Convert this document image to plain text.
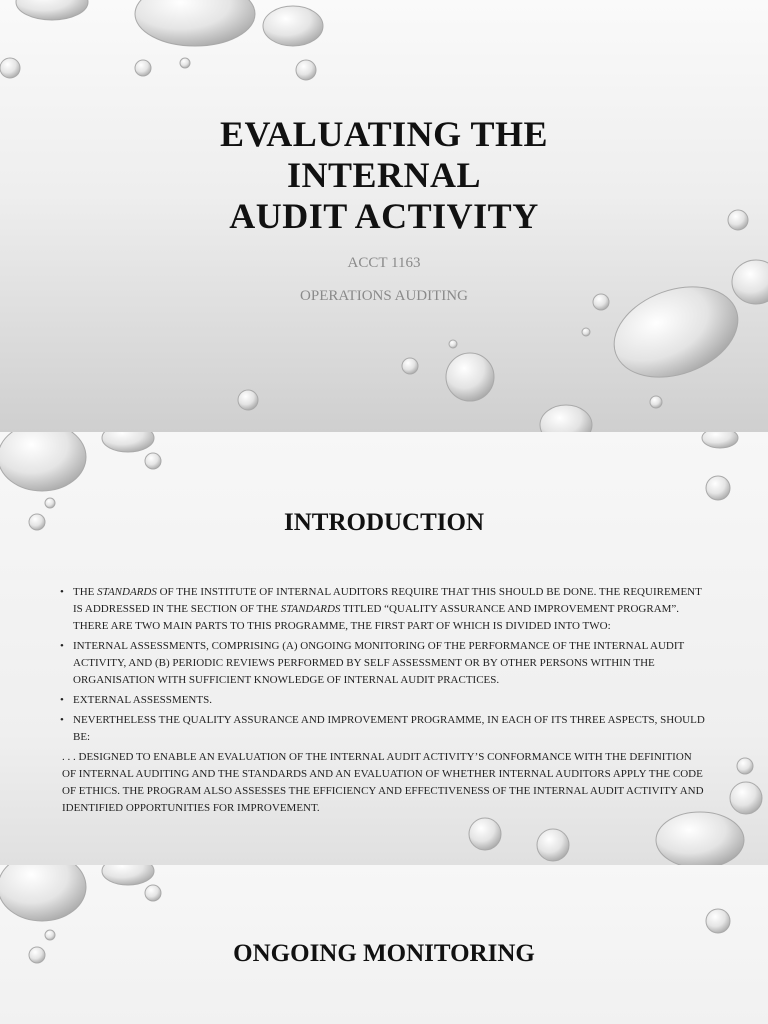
EVALUATING THE
INTERNAL
AUDIT ACTIVITY

ACCT 1163

OPERATIONS AUDITING

INTRODUCTION
• THE STANDARDS OF THE INSTITUTE OF INTERNAL AUDITORS REQUIRE THAT THIS SHOULD BE DONE. THE REQUIREMENT IS ADDRESSED IN THE SECTION OF THE STANDARDS TITLED “QUALITY ASSURANCE AND IMPROVEMENT PROGRAM”. THERE ARE TWO MAIN PARTS TO THIS PROGRAMME, THE FIRST PART OF WHICH IS DIVIDED INTO TWO:
• INTERNAL ASSESSMENTS, COMPRISING (A) ONGOING MONITORING OF THE PERFORMANCE OF THE INTERNAL AUDIT ACTIVITY, AND (B) PERIODIC REVIEWS PERFORMED BY SELF ASSESSMENT OR BY OTHER PERSONS WITHIN THE ORGANISATION WITH SUFFICIENT KNOWLEDGE OF INTERNAL AUDIT PRACTICES.
• EXTERNAL ASSESSMENTS.
• NEVERTHELESS THE QUALITY ASSURANCE AND IMPROVEMENT PROGRAMME, IN EACH OF ITS THREE ASPECTS, SHOULD BE:

. . . DESIGNED TO ENABLE AN EVALUATION OF THE INTERNAL AUDIT ACTIVITY’S CONFORMANCE WITH THE DEFINITION OF INTERNAL AUDITING AND THE STANDARDS AND AN EVALUATION OF WHETHER INTERNAL AUDITORS APPLY THE CODE OF ETHICS. THE PROGRAM ALSO ASSESSES THE EFFICIENCY AND EFFECTIVENESS OF THE INTERNAL AUDIT ACTIVITY AND IDENTIFIED OPPORTUNITIES FOR IMPROVEMENT.

ONGOING MONITORING
